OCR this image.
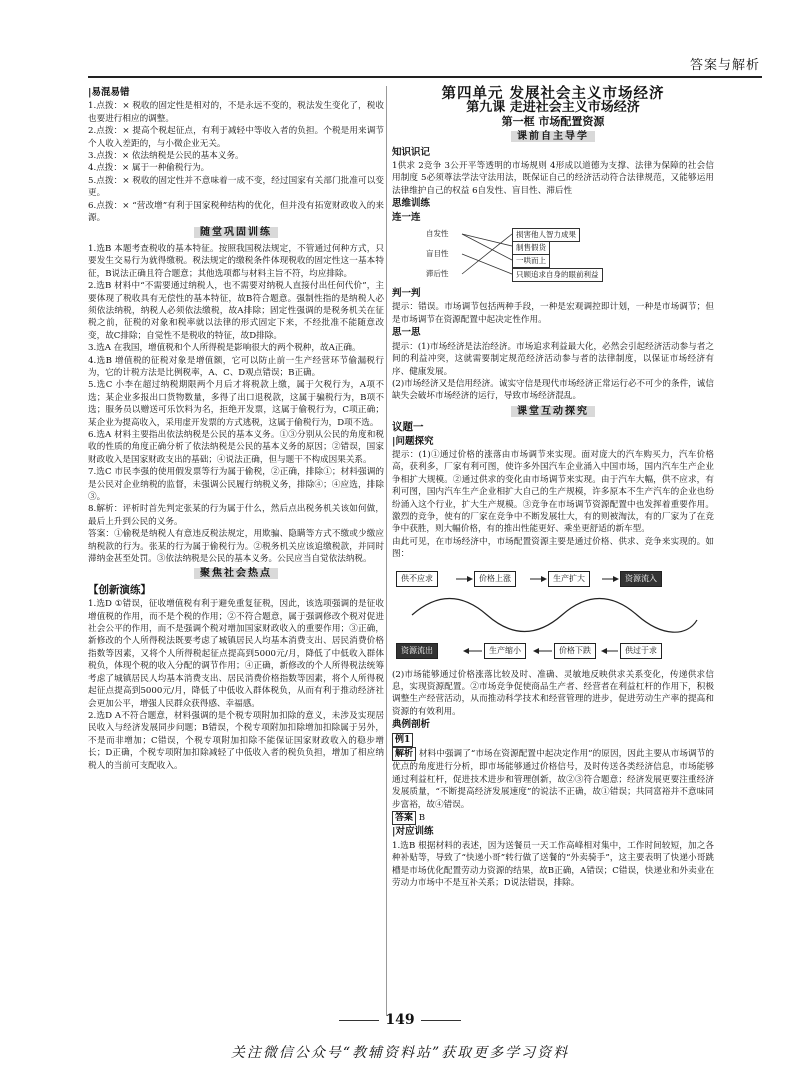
答案与解析
|易混易错

1.点拨：× 税收的固定性是相对的，不是永远不变的，税法发生变化了，税收也要进行相应的调整。

2.点拨：× 提高个税起征点，有利于减轻中等收入者的负担。个税是用来调节个人收入差距的，与小微企业无关。

3.点拨：× 依法纳税是公民的基本义务。

4.点拨：× 属于一种偷税行为。

5.点拨：× 税收的固定性并不意味着一成不变，经过国家有关部门批准可以变更。

6.点拨：× “营改增”有利于国家税种结构的优化，但并没有拓宽财政收入的来源。

随堂巩固训练

1.选B 本题考查税收的基本特征。按照我国税法规定，不管通过何种方式，只要发生交易行为就得缴税。税法规定的缴税条件体现税收的固定性这一基本特征，B说法正确且符合题意；其他选项都与材料主旨不符，均应排除。

2.选B 材料中“不需要通过纳税人，也不需要对纳税人直接付出任何代价”，主要体现了税收具有无偿性的基本特征，故B符合题意。强制性指的是纳税人必须依法纳税，纳税人必须依法缴税，故A排除；固定性强调的是税务机关在征税之前，征税的对象和税率就以法律的形式固定下来，不经批准不能随意改变，故C排除；自觉性不是税收的特征，故D排除。

3.选A 在我国，增值税和个人所得税是影响很大的两个税种，故A正确。

4.选B 增值税的征税对象是增值额，它可以防止前一生产经营环节偷漏税行为，它的计税方法是比例税率，A、C、D观点错误；B正确。

5.选C 小李在超过纳税期限两个月后才将税款上缴，属于欠税行为，A项不选；某企业多报出口货物数量，多得了出口退税款，这属于骗税行为，B项不选；服务员以赠送可乐饮料为名，拒绝开发票，这属于偷税行为，C项正确；某企业为提高收入，采用虚开发票的方式逃税，这属于偷税行为，D项不选。

6.选A 材料主要指出依法纳税是公民的基本义务。①③分别从公民的角度和税收的性质的角度正确分析了依法纳税是公民的基本义务的原因；②错误，国家财政收入是国家财政支出的基础；④说法正确，但与题干不构成因果关系。

7.选C 市民李强的使用假发票等行为属于偷税，②正确，排除①；材料强调的是公民对企业纳税的监督，未强调公民履行纳税义务，排除④；④应选，排除③。

8.解析：评析时首先判定张某的行为属于什么，然后点出税务机关该如何做，最后上升到公民的义务。

答案：①偷税是纳税人有意违反税法规定，用欺骗、隐瞒等方式不缴或少缴应纳税款的行为。张某的行为属于偷税行为。②税务机关应该追缴税款，并同时滞纳金甚至处罚。③依法纳税是公民的基本义务。公民应当自觉依法纳税。

聚焦社会热点
【创新演练】

1.选D ①错误，征收增值税有利于避免重复征税，因此，该选项强调的是征收增值税的作用，而不是个税的作用；②不符合题意，属于强调修改个税对促进社会公平的作用，而不是强调个税对增加国家财政收入的重要作用；③正确，新修改的个人所得税法既要考虑了城镇居民人均基本消费支出、居民消费价格指数等因素，又将个人所得税起征点提高到5000元/月，降低了中低收入群体税负，体现个税的收入分配的调节作用；④正确，新修改的个人所得税法统筹考虑了城镇居民人均基本消费支出、居民消费价格指数等因素，将个人所得税起征点提高到5000元/月，降低了中低收入群体税负，从而有利于推动经济社会更加公平，增强人民群众获得感、幸福感。

2.选D A不符合题意，材料强调的是个税专项附加扣除的意义，未涉及实现居民收入与经济发展同步问题；B错误，个税专项附加扣除增加扣除属于另外，不是而非增加；C错误，个税专项附加扣除不能保证国家财政收入的稳步增长；D正确，个税专项附加扣除减轻了中低收入者的税负负担，增加了相应纳税人的当前可支配收入。

第四单元 发展社会主义市场经济
第九课 走进社会主义市场经济
第一框 市场配置资源
课前自主导学
知识识记

1供求 2竞争 3公开平等透明的市场规则 4形成以道德为支撑、法律为保障的社会信用制度 5必须尊法学法守法用法，既保证自己的经济活动符合法律规范，又能够运用法律维护自己的权益 6自发性、盲目性、滞后性

思维训练
连一连
自发性
盲目性
滞后性
损害他人智力成果
制售假货
一哄而上
只顾追求自身的眼前利益
判一判

提示：错误。市场调节包括两种手段，一种是宏观调控即计划，一种是市场调节；但是市场调节在资源配置中起决定性作用。

思一思

提示：(1)市场经济是法治经济。市场追求利益最大化，必然会引起经济活动参与者之间的利益冲突，这就需要制定规范经济活动参与者的法律制度，以保证市场经济有序、健康发展。

(2)市场经济又是信用经济。诚实守信是现代市场经济正常运行必不可少的条件，诚信缺失会破坏市场经济的运行，导致市场经济混乱。

课堂互动探究
议题一
|问题探究

提示：(1)①通过价格的涨落由市场调节来实现。面对庞大的汽车购买力，汽车价格高，获利多，厂家有利可图，使许多外国汽车企业涌入中国市场，国内汽车生产企业争相扩大规模。②通过供求的变化由市场调节来实现。由于汽车大幅，供不应求，有利可图，国内汽车生产企业相扩大自己的生产规模，许多原本不生产汽车的企业也纷纷涌入这个行业，扩大生产规模。③竞争在市场调节资源配置中也发挥着重要作用。激烈的竞争，使有的厂家在竞争中不断发展壮大，有的则被淘汰，有的厂家为了在竞争中获胜，则大幅价格，有的推出性能更好、乘坐更舒适的新车型。

由此可见，在市场经济中，市场配置资源主要是通过价格、供求、竞争来实现的。如图：

供不应求	价格上涨	生产扩大	资源流入
资源流出	生产缩小	价格下跌	供过于求

(2)市场能够通过价格涨落比较及时、准确、灵敏地反映供求关系变化，传递供求信息，实现资源配置。②市场竞争促使商品生产者、经营者在利益杠杆的作用下，积极调整生产经营活动，从而推动科学技术和经营管理的进步，促进劳动生产率的提高和资源的有效利用。

典例剖析
例1

解析 材料中强调了“市场在资源配置中起决定作用”的原因，因此主要从市场调节的优点的角度进行分析，即市场能够通过价格信号，及时传送各类经济信息，市场能够通过利益杠杆，促进技术进步和管理创新，故②③符合题意；经济发展更要注重经济发展质量，“不断提高经济发展速度”的说法不正确，故①错误；共同富裕并不意味同步富裕，故④错误。

答案 B

|对应训练

1.选B 根据材料的表述，因为送餐员一天工作高峰相对集中，工作时间较短，加之各种补贴等，导致了“快递小哥”转行做了送餐的“外卖骑手”，这主要表明了快递小哥跳槽是市场优化配置劳动力资源的结果，故B正确，A错误；C错误，快递业和外卖业在劳动力市场中不是互补关系；D说法错误，排除。

149
关注微信公众号“教辅资料站”获取更多学习资料
